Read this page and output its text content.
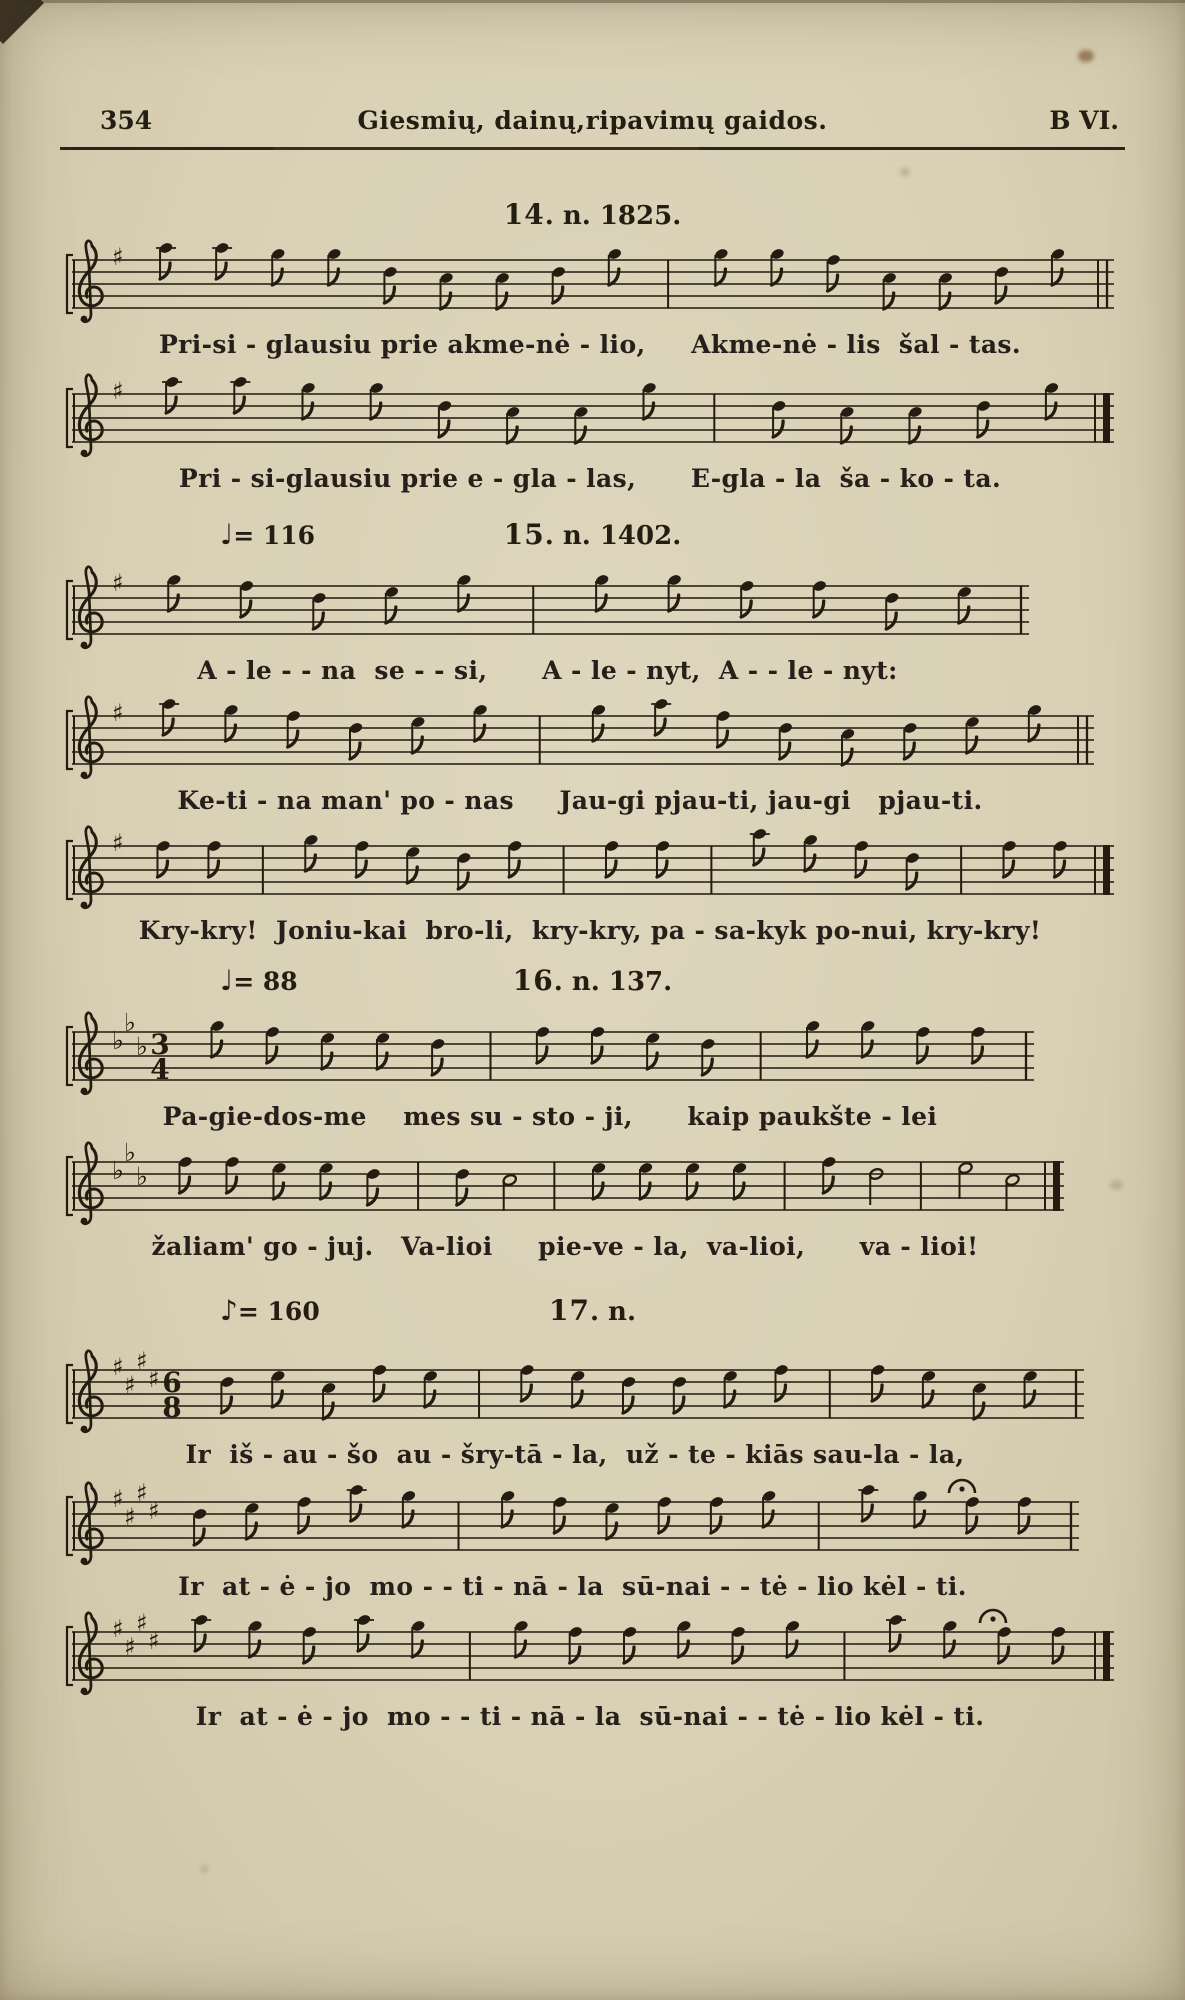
354	Giesmių, dainų,ripavimų gaidos.	B VI.
14. n. 1825.
♯
Pri-si - glausiu prie akme-nė - lio,     Akme-nė - lis  šal - tas.
♯
Pri - si-glausiu prie e - gla - las,      E-gla - la  ša - ko - ta.
♩= 116	15. n. 1402.
♯
A - le - - na  se - - si,      A - le - nyt,  A - - le - nyt:
♯
Ke-ti - na man' po - nas     Jau-gi pjau-ti, jau-gi   pjau-ti.
♯
Kry-kry!  Joniu-kai  bro-li,  kry-kry, pa - sa-kyk po-nui, kry-kry!
♩= 88	16. n. 137.
♭
♭
♭ 3
4
Pa-gie-dos-me    mes su - sto - ji,      kaip paukšte - lei
♭
♭
♭
žaliam' go - juj.   Va-lioi     pie-ve - la,  va-lioi,      va - lioi!
♪= 160	17. n.
♯
♯
♯
♯ 6
8
Ir  iš - au - šo  au - šry-tā - la,  už - te - kiās sau-la - la,
♯
♯
♯
♯
Ir  at - ė - jo  mo - - ti - nā - la  sū-nai - - tė - lio kėl - ti.
♯
♯
♯
♯
Ir  at - ė - jo  mo - - ti - nā - la  sū-nai - - tė - lio kėl - ti.
